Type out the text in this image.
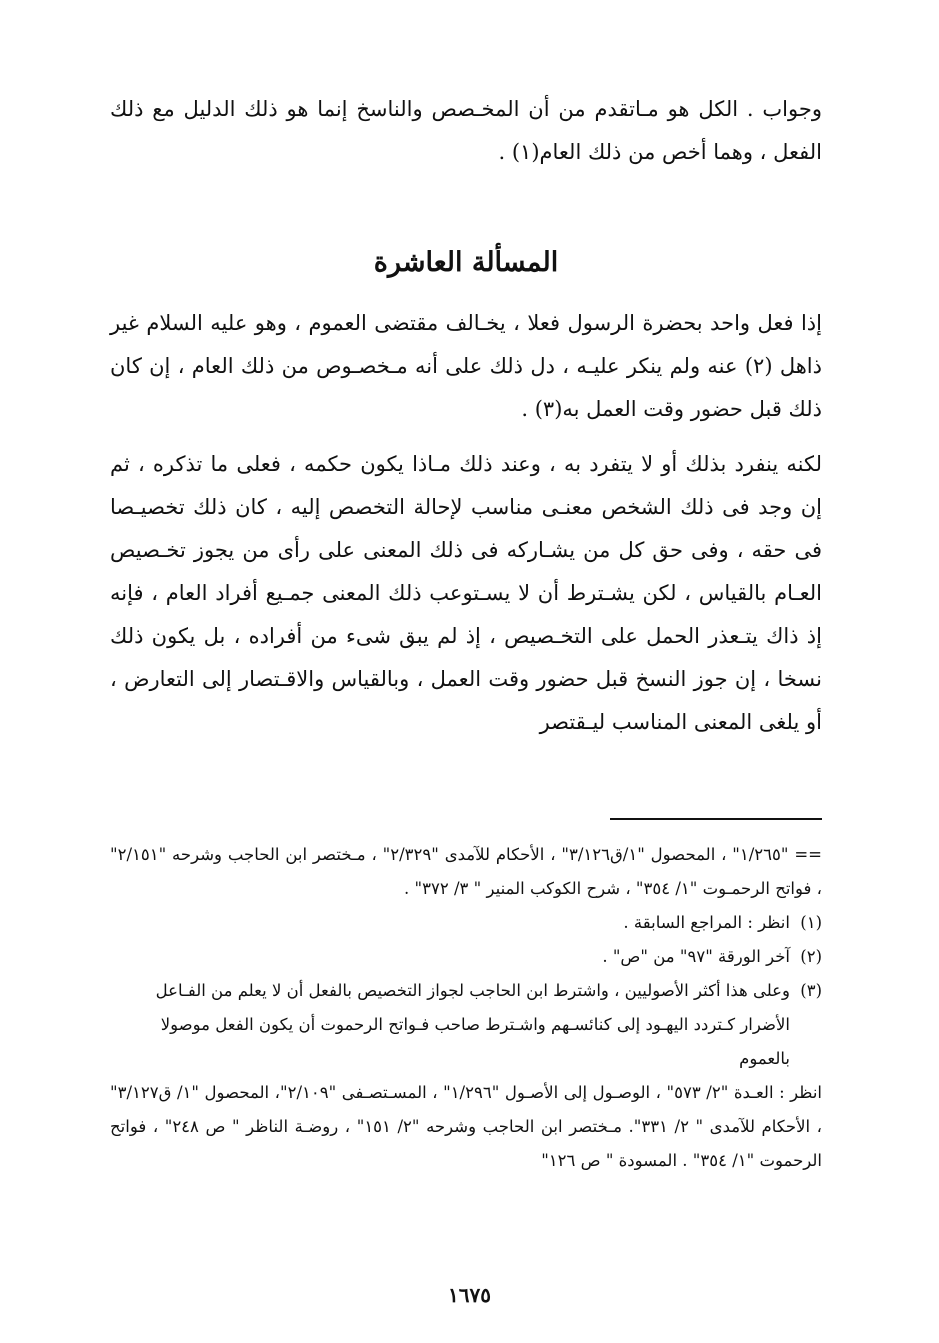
وجواب . الكل هو مـاتقدم من أن المخـصص والناسخ إنما هو ذلك الدليل مع ذلك الفعل ، وهما أخص من ذلك العام(١) .

المسألة العاشرة

إذا فعل واحد بحضرة الرسول فعلا ، يخـالف مقتضى العموم ، وهو عليه السلام غير ذاهل (٢) عنه ولم ينكر عليـه ، دل ذلك على أنه مـخصـوص من ذلك العام ، إن كان ذلك قبل حضور وقت العمل به(٣) .

لكنه ينفرد بذلك أو لا يتفرد به ، وعند ذلك مـاذا يكون حكمه ، فعلى ما تذكره ، ثم إن وجد فى ذلك الشخص معنـى مناسب لإحالة التخصص إليه ، كان ذلك تخصيـصا فى حقه ، وفى حق كل من يشـاركه فى ذلك المعنى على رأى من يجوز تخـصيص العـام بالقياس ، لكن يشـترط أن لا يسـتوعب ذلك المعنى جمـيع أفراد العام ، فإنه إذ ذاك يتـعذر الحمل على التخـصيص ، إذ لم يبق شىء من أفراده ، بل يكون ذلك نسخا ، إن جوز النسخ قبل حضور وقت العمل ، وبالقياس والاقـتصار إلى التعارض ، أو يلغى المعنى المناسب ليـقتصر

== "١/٢٦٥" ، المحصول "١/ق٣/١٢٦" ، الأحكام للآمدى "٢/٣٢٩" ، مـختصر ابن الحاجب وشرحه "٢/١٥١" ، فواتح الرحمـوت "١/ ٣٥٤" ، شرح الكوكب المنير " ٣/ ٣٧٢" .

(١)
انظر : المراجع السابقة .
(٢)
آخر الورقة "٩٧" من "ص" .
(٣)
وعلى هذا أكثر الأصوليين ، واشترط ابن الحاجب لجواز التخصيص بالفعل أن لا يعلم من الفـاعل الأضرار كـتردد اليهـود إلى كنائسـهم واشـترط صاحب فـواتح الرحموت أن يكون الفعل موصولا بالعموم

انظر : العـدة "٢/ ٥٧٣" ، الوصـول إلى الأصـول "١/٢٩٦" ، المسـتصـفى "٢/١٠٩"، المحصول "١/ ق٣/١٢٧" ، الأحكام للآمدى " ٢/ ٣٣١". مـختصر ابن الحاجب وشرحه "٢/ ١٥١" ، روضـة الناظر " ص ٢٤٨" ، فواتح الرحموت "١/ ٣٥٤" . المسودة " ص ١٢٦"

١٦٧٥
